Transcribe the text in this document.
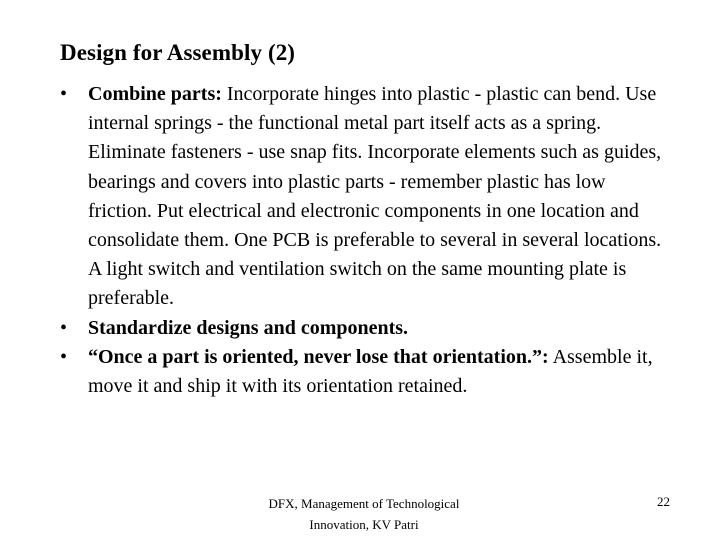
Design for Assembly (2)
•	Combine parts: Incorporate hinges into plastic - plastic can bend. Use internal springs - the functional metal part itself acts as a spring. Eliminate fasteners - use snap fits. Incorporate elements such as guides, bearings and covers into plastic parts - remember plastic has low friction. Put electrical and electronic components in one location and consolidate them. One PCB is preferable to several in several locations. A light switch and ventilation switch on the same mounting plate is preferable.
•	Standardize designs and components.
•	“Once a part is oriented, never lose that orientation.”: Assemble it, move it and ship it with its orientation retained.
DFX, Management of Technological
Innovation, KV Patri
22
